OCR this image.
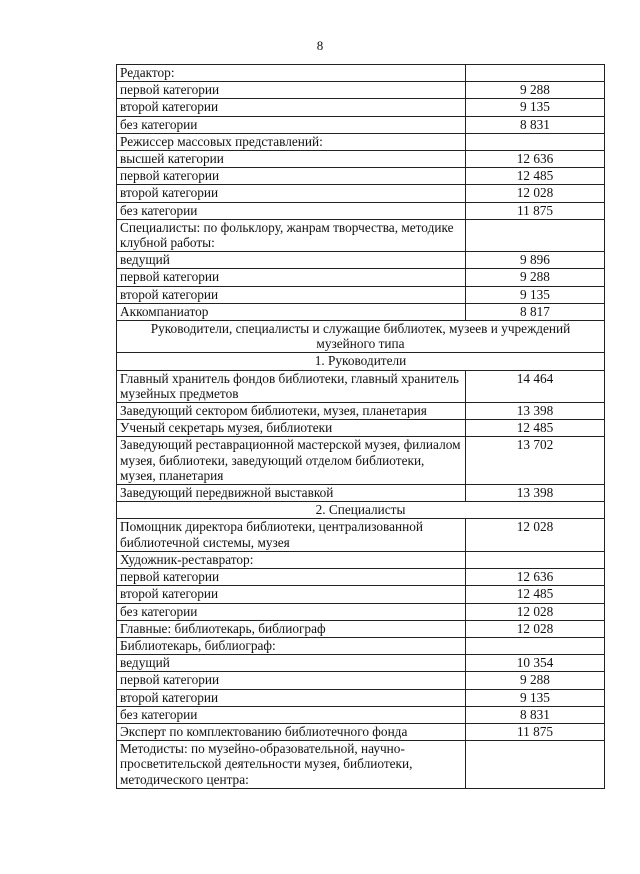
8
Редактор:	
первой категории	9 288
второй категории	9 135
без категории	8 831
Режиссер массовых представлений:	
высшей категории	12 636
первой категории	12 485
второй категории	12 028
без категории	11 875
Специалисты: по фольклору, жанрам творчества, методике клубной работы:	
ведущий	9 896
первой категории	9 288
второй категории	9 135
Аккомпаниатор	8 817
Руководители, специалисты и служащие библиотек, музеев и учреждений музейного типа	
1. Руководители	
Главный хранитель фондов библиотеки, главный хранитель музейных предметов	14 464
Заведующий сектором библиотеки, музея, планетария	13 398
Ученый секретарь музея, библиотеки	12 485
Заведующий реставрационной мастерской музея, филиалом музея, библиотеки, заведующий отделом библиотеки, музея, планетария	13 702
Заведующий передвижной выставкой	13 398
2. Специалисты	
Помощник директора библиотеки, централизованной библиотечной системы, музея	12 028
Художник-реставратор:	
первой категории	12 636
второй категории	12 485
без категории	12 028
Главные: библиотекарь, библиограф	12 028
Библиотекарь, библиограф:	
ведущий	10 354
первой категории	9 288
второй категории	9 135
без категории	8 831
Эксперт по комплектованию библиотечного фонда	11 875
Методисты: по музейно-образовательной, научно-просветительской деятельности музея, библиотеки, методического центра:	
